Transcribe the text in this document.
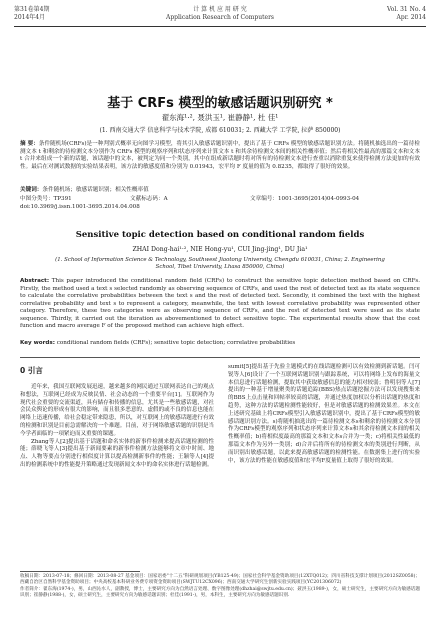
第31卷第4期
2014年4月
计 算 机 应 用 研 究
Application Research of Computers
Vol. 31 No. 4
Apr. 2014
基于 CRFs 模型的敏感话题识别研究 *
翟东海¹·², 聂洪玉¹, 崔静静¹, 杜 佳¹
(1. 西南交通大学 信息科学与技术学院, 成都 610031; 2. 西藏大学 工学院, 拉萨 850000)
摘 要：条件随机场(CRFs)是一种判别式概率无向图学习模型，将其引入敏感话题识别中，提出了基于 CRFs 模型的敏感话题识别方法。将随机抽选出的一篇待检测文本 t 和剩余的待检测文本分别作为 CRFs 模型的观察序列和状态序列来计算文本 t 和其余待检测文本间的相关性概率值；然后将相关性最高的那篇文本和文本 t 合并来组成一个新的话题，该话题中的文本，被判定为同一个类别，其中在组成新话题时将对所有的待检测文本进行查重以消除重复来使得检测方法更加的有效性。最后在对测试数据的实验结果表明，该方法的敏感度值和分别为 0.01943，宏平均 F 度量的值为 0.8235，都取得了很好的效果。
关键词：条件随机场；敏感话题识别；相关性概率值
中图分类号：TP391	文献标志码：A	文章编号：1001-3695(2014)04-0993-04
doi:10.3969/j.issn.1001-3695.2014.04.008
Sensitive topic detection based on conditional random fields
ZHAI Dong-hai¹·², NIE Hong-yu¹, CUI Jing-jing¹, DU Jia¹
(1. School of Information Science & Technology, Southwest Jiaotong University, Chengdu 610031, China; 2. Engineering School, Tibet University, Lhasa 850000, China)
Abstract: This paper introduced the conditional random field (CRFs) to construct the sensitive topic detection method based on CRFs. Firstly, the method used a text s selected randomly as observing sequence of CRFs, and used the rest of detected text as its state sequence to calculate the correlative probabilities between the text s and the rest of detected text. Secondly, it combined the text with the highest correlative probability and text s to represent a category, meanwhile, the text with lowest correlative probability was represented other category. Therefore, these two categories were as observing sequence of CRFs, and the rest of detected text were used as its state sequence. Thirdly, it carried out the iteration as abovementioned to detect sensitive topic. The experimental results show that the cost function and macro average F of the proposed method can achieve high effect.
Key words: conditional random fields (CRFs); sensitive topic detection; correlative probabilities
0 引言

近年来，我国互联网发展迅速，越来越多的网民通过互联网表达自己的观点和想法，互联网已经成为反映民情、社会动态的一个重要平台[1]。互联网作为现代社会重要的交流渠道，具有储存和传播的信息，尤其是一些敏感话题，对社会民众舆论的形成有很大的影响，而且很多恶意的、虚假的或不良的信息也能在网络上迅速传播，给社会稳定带来隐患，所以，对互联网上的敏感话题进行有效的检测和识别是目前急需解决的一个难题。目前，对于网络敏感话题的识别是当今学者面临的一项紧迫而又重要的课题。

Zhang等人[2]提出基于话题和命名实体的新事件检测来提高话题检测的性能；薛晓飞等人[3]提出基于新闻要素的新事件检测方法能够将文章中时间、地点、人物等要点分别进行相似度计算以提高检测新事件的性能；王颖等人[4]提出的检测系统中的性能提升策略通过发现新闻文本中的命名实体进行话题检测。

sumit[5]提出基于先验主题模式的在线话题检测可以有效检测到新话题。闫可锐等人[6]设计了一个互联网话题识别与跟踪系统，可以将网络上发布的海量文本信息进行话题检测，提取其中获取敏感信息的能力相对较弱；鲁明羽等人[7]提出的一种基于增量聚类的话题追踪(BBS)热点话题挖掘方法可以发现搜集来的BBS上点击量和回帖率较高的话题，并通过热度加权以分析出话题的热度和趋势，这种方法的话题检测性能较好，但是对敏感话题的检测效果差。本文在上述研究基础上将CRFs模型引入敏感话题识别中，提出了基于CRFs模型的敏感话题识别方法。s)将随机抽选出的一篇待检测文本s和剩余的待检测文本分别作为CRFs模型的观察序列和状态序列来计算文本s和其余待检测文本间的相关性概率值；b)将相似度最高的那篇文本和文本s合并为一类；c)将相关性最低的那篇文本作为另外一类别；d)合并后将所有的待检测文本的类别进行判断，从而识别出敏感话题，以此来提高敏感话题的检测性能。在数据集上进行的实验中，该方法的性能在敏感度值和宏平均F度量值上取得了很好的效果。

收稿日期：2013-07-18；修回日期：2013-08-27 基金项目：国家语委"十二五"科研规划项目(YB125-49)；国家社会科学基金资助项目(12XTQ012)；四川省科技支撑计划项目(2012SZ0058)；西藏自治区自然科学基金资助项目；中央高校基本科研业务费专项资金资助项目(SWJTU12CX096)；西南交通大学研究生创新实验实践项目(YC201306072)
作者简介：翟东海(1974-)，男，山西沁水人，副教授，博士，主要研究方向为自然语言处理、数字图像处理(dhzhai@swjtu.edu.cn)；聂洪玉(1989-)，女，硕士研究生，主要研究方向为敏感话题识别；崔静静(1988-)，女，硕士研究生，主要研究方向为敏感话题识别；杜佳(1991-)，男，本科生，主要研究方向为敏感话题识别.
